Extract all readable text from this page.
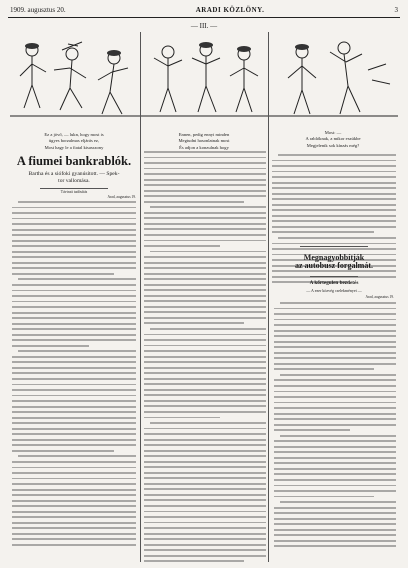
1909. augusztus 20.	ARADI KÖZLÖNY.	3
— III. —
Ez a jövő, — lukn, hogy most is
ügyes borzalmas eljárás ez,
Most hagy le a fiatal kisasszony
Ennen, pedig ennyi minden
Megtudni hasonlatnak most
És adjon a konzulnak hogy
Most: —
A rablóknak, a mikor eszükbe
Megjelenik sok kínzás még?
A fiumei bankrablók.
Bartha és a siófoki gyanúsított. — Spek-
tor vallomása.
Távirati tudósítás
Arad, augusztus 19.
Megnagyobbítják
az autobusz forgalmát.
A kőrtegulen bezdetés
— A ezer közvég cselekményei —
Arad, augusztus 19.
